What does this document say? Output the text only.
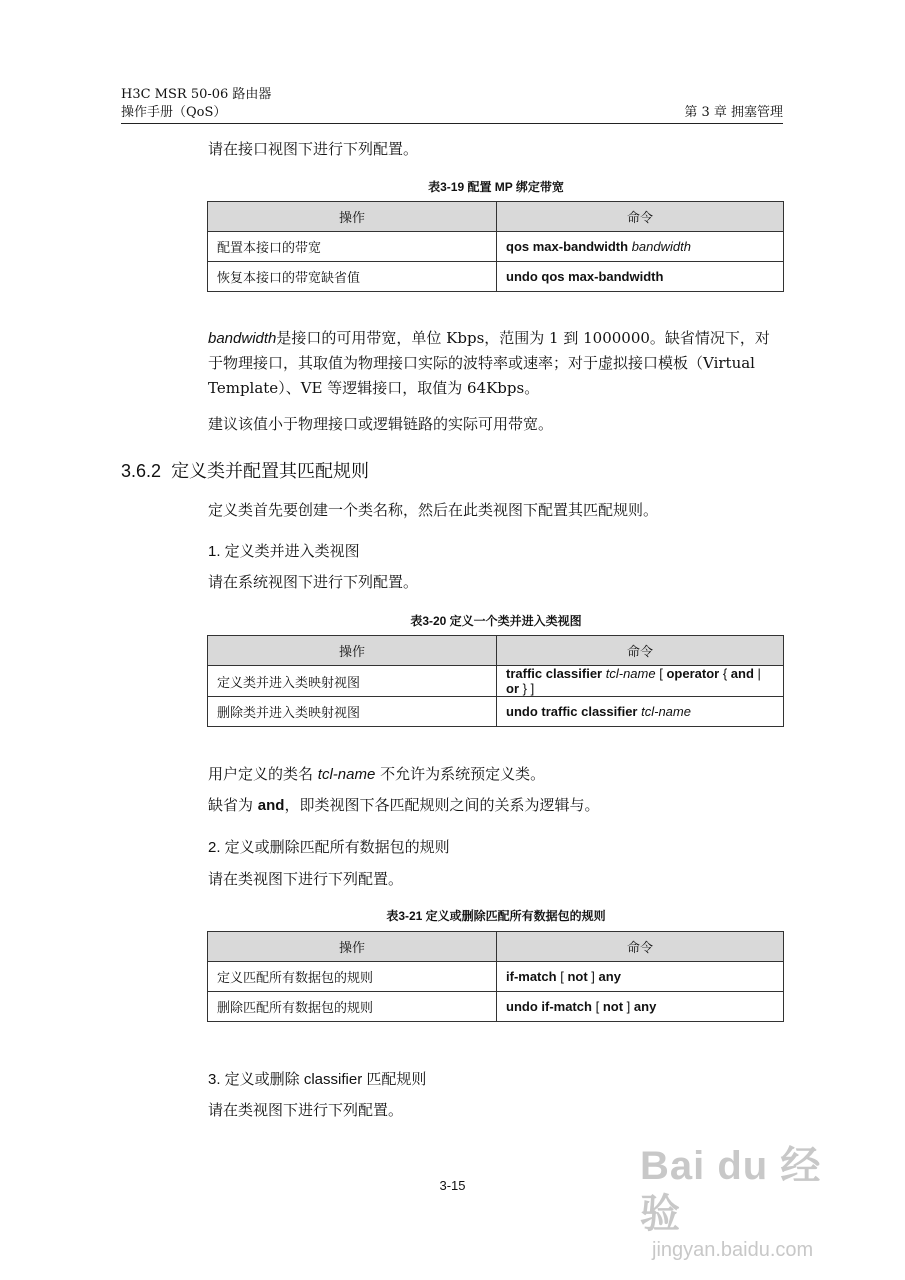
H3C MSR 50-06 路由器
操作手册（QoS）	第 3 章 拥塞管理

请在接口视图下进行下列配置。

表3-19 配置 MP 绑定带宽

操作	命令
配置本接口的带宽	qos max-bandwidth bandwidth
恢复本接口的带宽缺省值	undo qos max-bandwidth
bandwidth是接口的可用带宽，单位 Kbps，范围为 1 到 1000000。缺省情况下，对
于物理接口，其取值为物理接口实际的波特率或速率；对于虚拟接口模板（Virtual
Template）、VE 等逻辑接口，取值为 64Kbps。

建议该值小于物理接口或逻辑链路的实际可用带宽。

3.6.2 定义类并配置其匹配规则

定义类首先要创建一个类名称，然后在此类视图下配置其匹配规则。

1. 定义类并进入类视图

请在系统视图下进行下列配置。

表3-20 定义一个类并进入类视图

操作	命令
定义类并进入类映射视图	traffic classifier tcl-name [ operator { and | or } ]
删除类并进入类映射视图	undo traffic classifier tcl-name
用户定义的类名 tcl-name 不允许为系统预定义类。
缺省为 and，即类视图下各匹配规则之间的关系为逻辑与。

2. 定义或删除匹配所有数据包的规则

请在类视图下进行下列配置。

表3-21 定义或删除匹配所有数据包的规则

操作	命令
定义匹配所有数据包的规则	if-match [ not ] any
删除匹配所有数据包的规则	undo if-match [ not ] any

3. 定义或删除 classifier 匹配规则

请在类视图下进行下列配置。

3-15	Bai du 经验
jingyan.baidu.com
